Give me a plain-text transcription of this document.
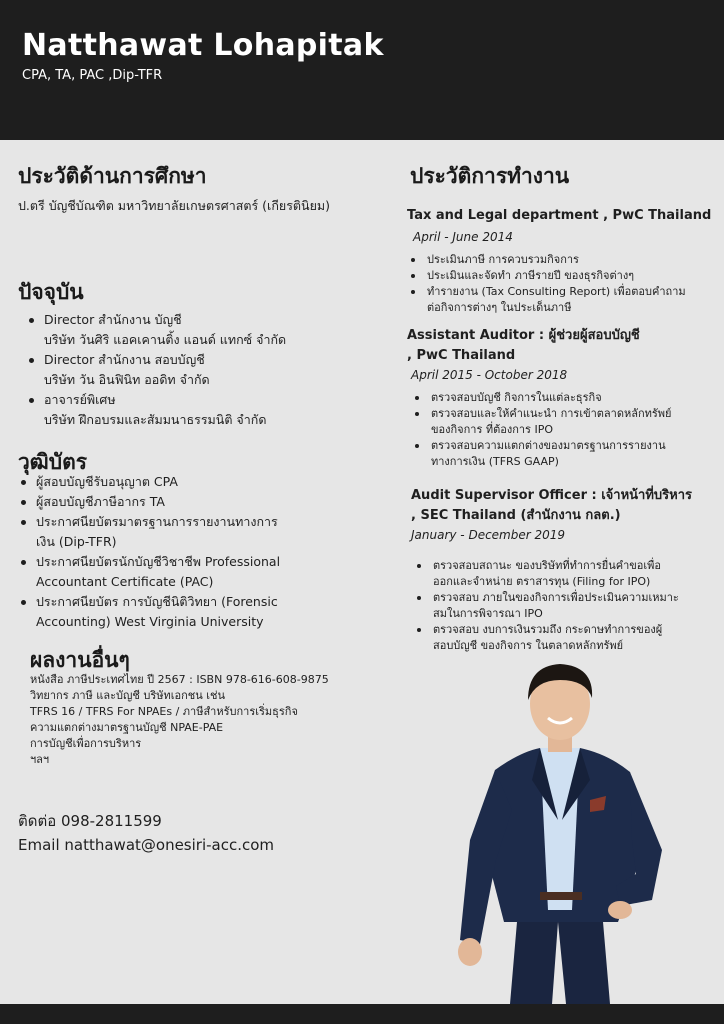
Natthawat Lohapitak
CPA, TA, PAC ,Dip-TFR
ประวัติด้านการศึกษา
ป.ตรี บัญชีบัณฑิต มหาวิทยาลัยเกษตรศาสตร์ (เกียรตินิยม)
ปัจจุบัน
Director สำนักงาน บัญชี
บริษัท วันศิริ แอคเคานติ้ง แอนด์ แทกซ์ จำกัด
Director สำนักงาน สอบบัญชี
บริษัท วัน อินฟินิท ออดิท จำกัด
อาจารย์พิเศษ
บริษัท ฝึกอบรมและสัมมนาธรรมนิติ จำกัด
วุฒิบัตร
ผู้สอบบัญชีรับอนุญาต CPA
ผู้สอบบัญชีภาษีอากร TA
ประกาศนียบัตรมาตรฐานการรายงานทางการ
เงิน (Dip-TFR)
ประกาศนียบัตรนักบัญชีวิชาชีพ Professional
Accountant Certificate (PAC)
ประกาศนียบัตร การบัญชีนิติวิทยา (Forensic
Accounting) West Virginia University
ผลงานอื่นๆ
หนังสือ ภาษีประเทศไทย ปี 2567 : ISBN 978-616-608-9875
วิทยากร ภาษี และบัญชี บริษัทเอกชน เช่น
TFRS 16 / TFRS For NPAEs / ภาษีสำหรับการเริ่มธุรกิจ
ความแตกต่างมาตรฐานบัญชี NPAE-PAE
การบัญชีเพื่อการบริหาร
ฯลฯ
ติดต่อ 098-2811599
Email natthawat@onesiri-acc.com
ประวัติการทำงาน
Tax and Legal department , PwC Thailand
April - June 2014
ประเมินภาษี การควบรวมกิจการ
ประเมินและจัดทำ ภาษีรายปี ของธุรกิจต่างๆ
ทำรายงาน (Tax Consulting Report) เพื่อตอบคำถาม
ต่อกิจการต่างๆ ในประเด็นภาษี
Assistant Auditor : ผู้ช่วยผู้สอบบัญชี
, PwC Thailand
April 2015 - October 2018
ตรวจสอบบัญชี กิจการในแต่ละธุรกิจ
ตรวจสอบและให้คำแนะนำ การเข้าตลาดหลักทรัพย์
ของกิจการ ที่ต้องการ IPO
ตรวจสอบความแตกต่างของมาตรฐานการรายงาน
ทางการเงิน (TFRS GAAP)
Audit Supervisor Officer : เจ้าหน้าที่บริหาร
, SEC Thailand (สำนักงาน กลต.)
January - December 2019
ตรวจสอบสถานะ ของบริษัทที่ทำการยื่นคำขอเพื่อ
ออกและจำหน่าย ตราสารทุน (Filing for IPO)
ตรวจสอบ ภายในของกิจการเพื่อประเมินความเหมาะ
สมในการพิจารณา IPO
ตรวจสอบ งบการเงินรวมถึง กระดาษทำการของผู้
สอบบัญชี ของกิจการ ในตลาดหลักทรัพย์
